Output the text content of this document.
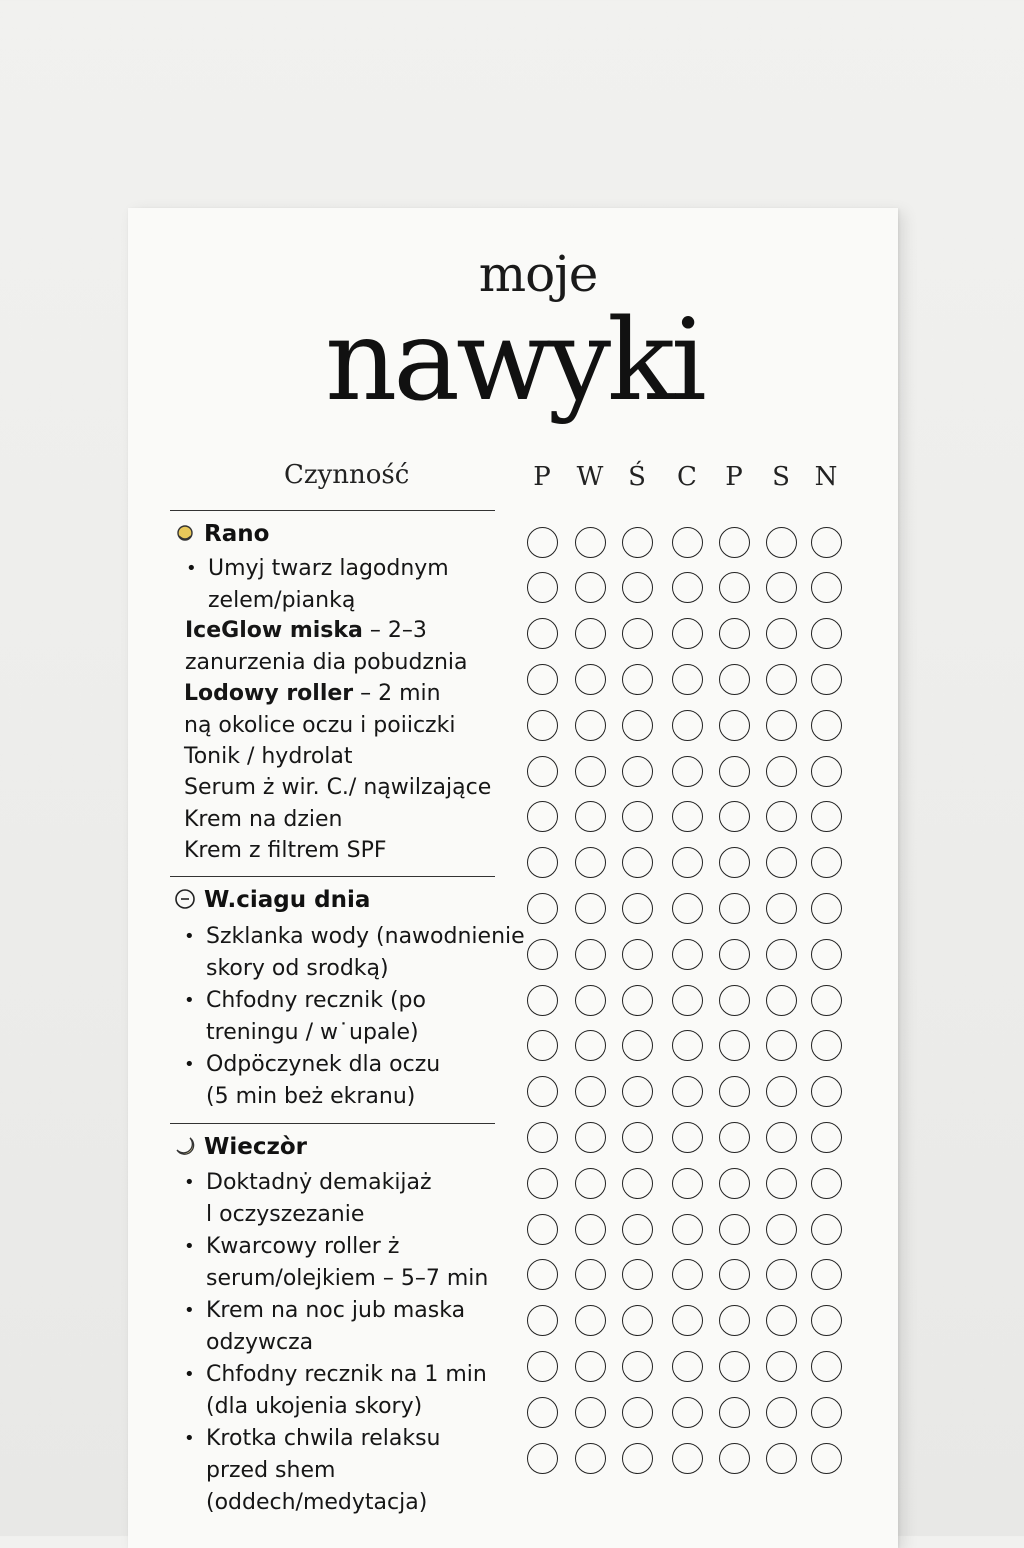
moje
nawyki
Czynność	P W Ś	C	P	S N
Rano
• Umyj twarz lagodnym
zelem/pianką
IceGlow miska – 2–3
zanurzenia dia pobudznia
Lodowy roller – 2 min
ną okolice oczu i poiiczki
Tonik / hydrolat
Serum ż wir. C./ nąwilzające
Krem na dzien
Krem z filtrem SPF
W.ciagu dnia
• Szklanka wody (nawodnienie
skory od srodką)
• Chfodny recznik (po
treningu / w˙upale)
• Odpöczynek dla oczu
(5 min beż ekranu)
Wieczòr
• Doktadnẏ demakijaż
l oczyszezanie
• Kwarcowy roller ż
serum/olejkiem – 5–7 min
• Krem na noc jub maska
odzywcza
• Chfodny recznik na 1 min
(dla ukojenia skory)
• Krotka chwila relaksu
przed shem
(oddech/medytacja)
